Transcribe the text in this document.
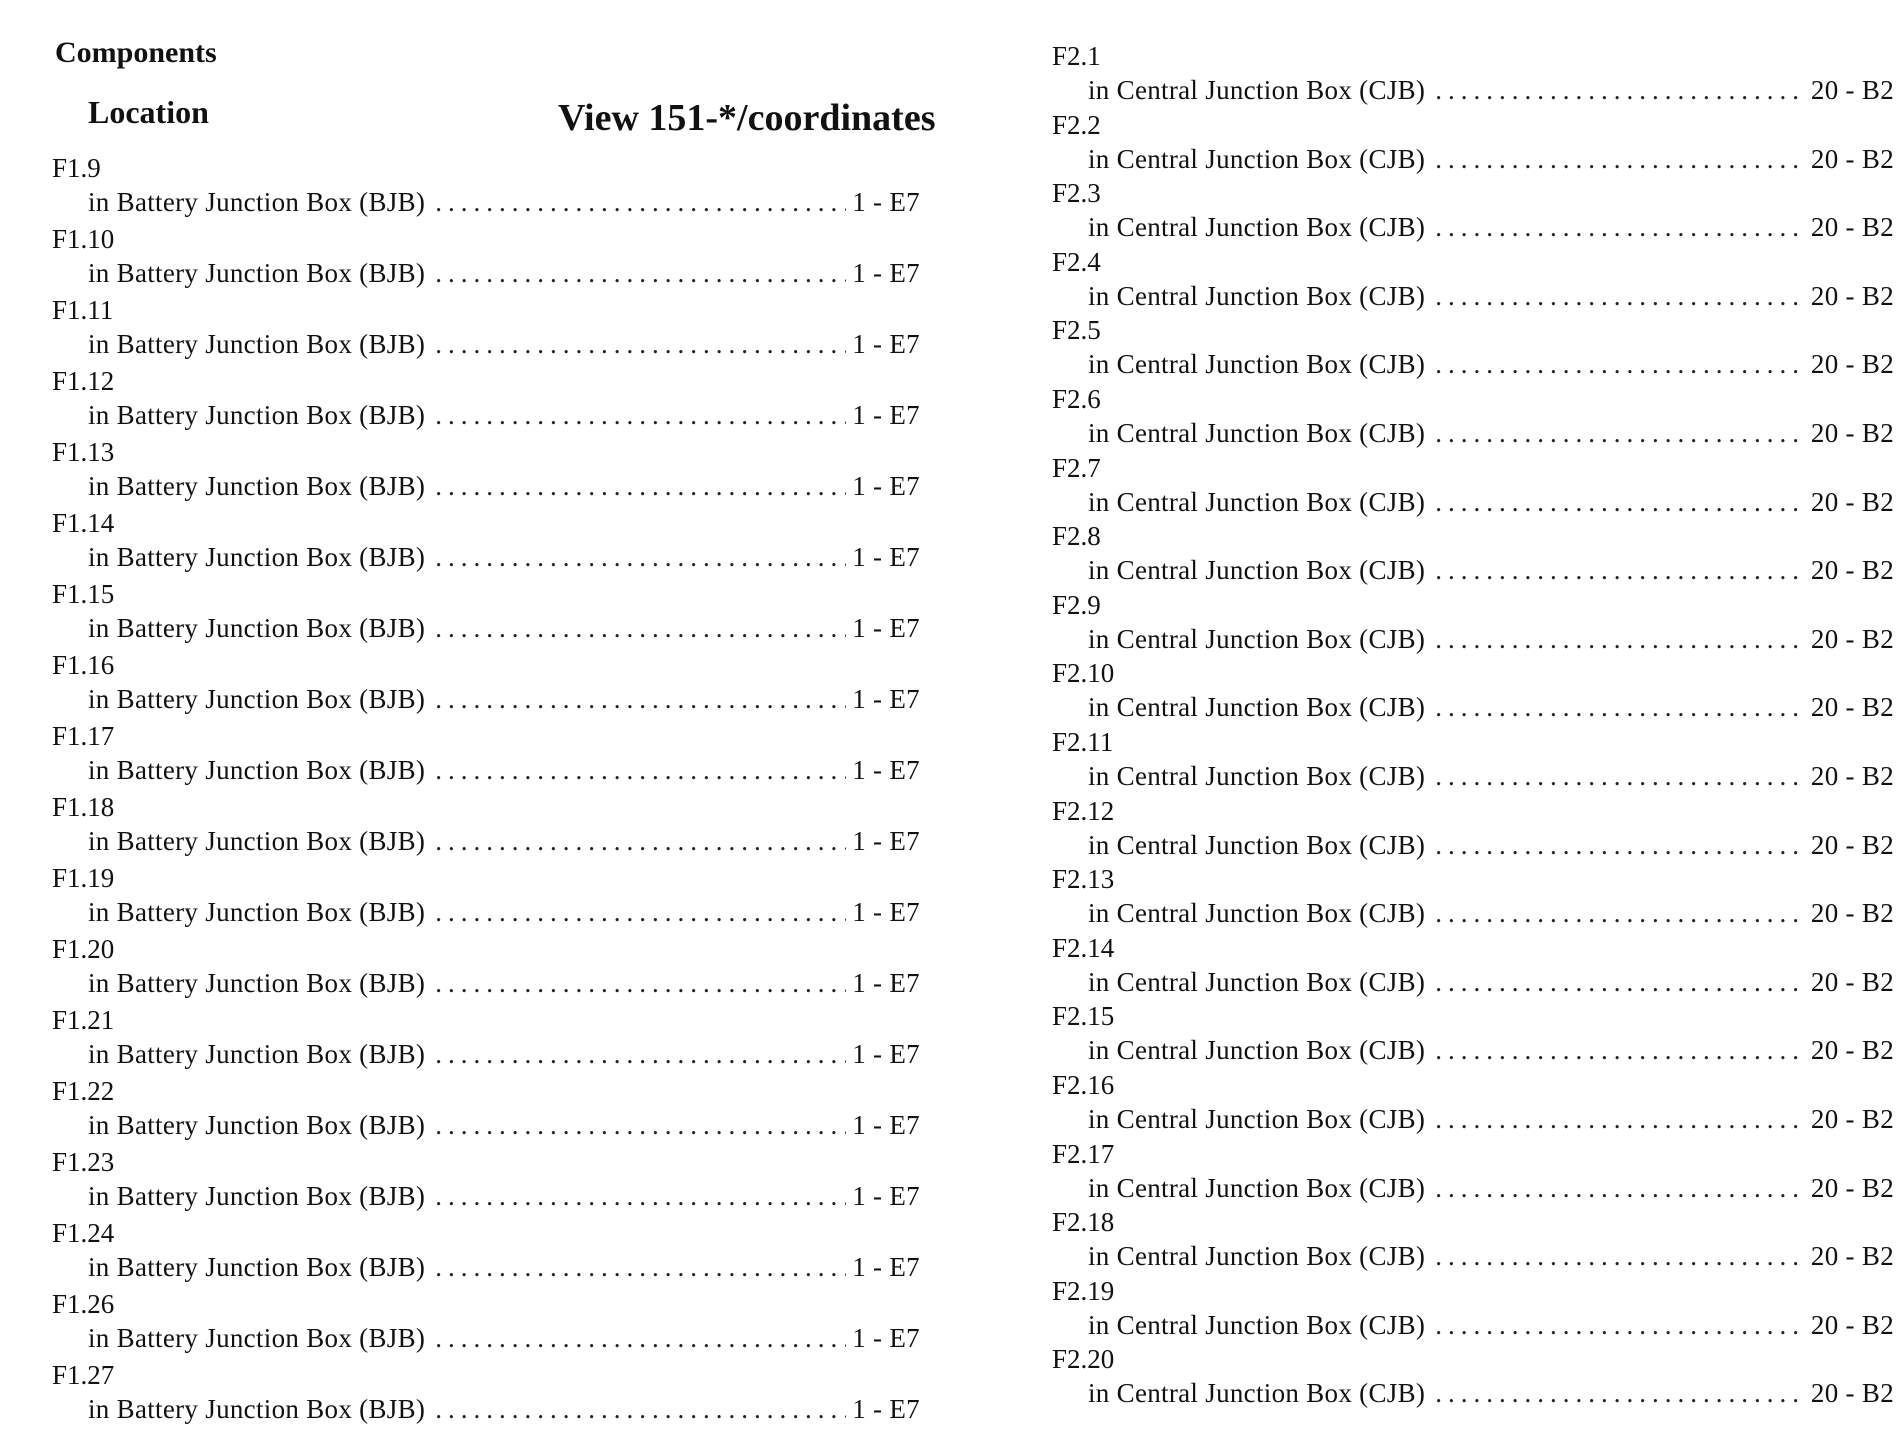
Components
Location	View 151-*/coordinates
F1.9
in Battery Junction Box (BJB) .....	1 - E7
F1.10
in Battery Junction Box (BJB) .....	1 - E7
F1.11
in Battery Junction Box (BJB) .....	1 - E7
F1.12
in Battery Junction Box (BJB) .....	1 - E7
F1.13
in Battery Junction Box (BJB) .....	1 - E7
F1.14
in Battery Junction Box (BJB) .....	1 - E7
F1.15
in Battery Junction Box (BJB) .....	1 - E7
F1.16
in Battery Junction Box (BJB) .....	1 - E7
F1.17
in Battery Junction Box (BJB) .....	1 - E7
F1.18
in Battery Junction Box (BJB) .....	1 - E7
F1.19
in Battery Junction Box (BJB) .....	1 - E7
F1.20
in Battery Junction Box (BJB) .....	1 - E7
F1.21
in Battery Junction Box (BJB) .....	1 - E7
F1.22
in Battery Junction Box (BJB) .....	1 - E7
F1.23
in Battery Junction Box (BJB) .....	1 - E7
F1.24
in Battery Junction Box (BJB) .....	1 - E7
F1.26
in Battery Junction Box (BJB) .....	1 - E7
F1.27
in Battery Junction Box (BJB) .....	1 - E7
F2.1
in Central Junction Box (CJB) .....	20 - B2
F2.2
in Central Junction Box (CJB) .....	20 - B2
F2.3
in Central Junction Box (CJB) .....	20 - B2
F2.4
in Central Junction Box (CJB) .....	20 - B2
F2.5
in Central Junction Box (CJB) .....	20 - B2
F2.6
in Central Junction Box (CJB) .....	20 - B2
F2.7
in Central Junction Box (CJB) .....	20 - B2
F2.8
in Central Junction Box (CJB) .....	20 - B2
F2.9
in Central Junction Box (CJB) .....	20 - B2
F2.10
in Central Junction Box (CJB) .....	20 - B2
F2.11
in Central Junction Box (CJB) .....	20 - B2
F2.12
in Central Junction Box (CJB) .....	20 - B2
F2.13
in Central Junction Box (CJB) .....	20 - B2
F2.14
in Central Junction Box (CJB) .....	20 - B2
F2.15
in Central Junction Box (CJB) .....	20 - B2
F2.16
in Central Junction Box (CJB) .....	20 - B2
F2.17
in Central Junction Box (CJB) .....	20 - B2
F2.18
in Central Junction Box (CJB) .....	20 - B2
F2.19
in Central Junction Box (CJB) .....	20 - B2
F2.20
in Central Junction Box (CJB) .....	20 - B2
